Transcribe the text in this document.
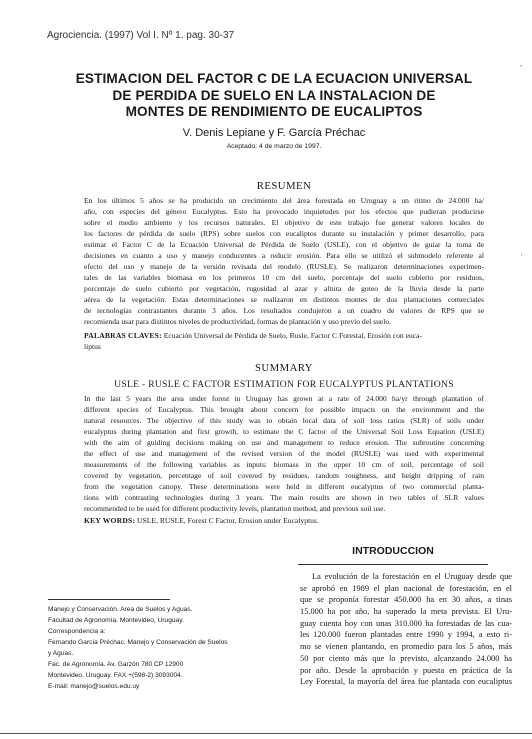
Agrociencia. (1997) Vol I. Nº 1. pag. 30-37
ESTIMACION DEL FACTOR C DE LA ECUACION UNIVERSAL
DE PERDIDA DE SUELO EN LA INSTALACION DE
MONTES DE RENDIMIENTO DE EUCALIPTOS
V. Denis Lepiane y F. García Préchac
Aceptado: 4 de marzo de 1997.
RESUMEN
En los últimos 5 años se ha producido un crecimiento del área forestada en Uruguay a un ritmo de 24.000 ha/
año, con especies del género Eucalyptus. Esto ha provocado inquietudes por los efectos que pudieran producirse
sobre el medio ambiente y los recursos naturales. El objetivo de este trabajo fue generar valores locales de
los factores de pérdida de suelo (RPS) sobre suelos con eucaliptos durante su instalación y primer desarrollo, para
estimar el Factor C de la Ecuación Universal de Pérdida de Suelo (USLE), con el objetivo de guiar la toma de
decisiones en cuanto a uso y manejo conducentes a reducir erosión. Para ello se utilizó el submodelo referente al
efecto del uso y manejo de la versión revisada del modelo (RUSLE). Se realizaron determinaciones experimen-
tales de las variables biomasa en los primeros 10 cm del suelo, porcentaje del suelo cubierto por residuos,
porcentaje de suelo cubierto por vegetación, rugosidad al azar y altura de goteo de la lluvia desde la parte
aérea de la vegetación. Estas determinaciones se realizaron en distintos montes de dos plantaciones comerciales
de tecnologías contrastantes durante 3 años. Los resultados condujeron a un cuadro de valores de RPS que se
recomienda usar para distintos niveles de productividad, formas de plantación y uso previo del suelo.
PALABRAS CLAVES: Ecuación Universal de Pérdida de Suelo, Rusle, Factor C Forestal, Erosión con euca-
liptus
SUMMARY
USLE - RUSLE C FACTOR ESTIMATION FOR EUCALYPTUS PLANTATIONS
In the last 5 years the area under forest in Uruguay has grown at a rate of 24.000 ha/yr through plantation of
different species of Eucalyptus. This brought about concern for possible impacts on the environment and the
natural resources. The objective of this study was to obtain local data of soil loss ratios (SLR) of soils under
eucalyptus during plantation and first growth, to estimate the C factor of the Universal Soil Loss Equation (USLE)
with the aim of guiding decisions making on use and management to reduce erosion. The subroutine concerning
the effect of use and management of the revised version of the model (RUSLE) was used with experimental
measurements of the following variables as inputs: biomass in the upper 10 cm of soil, percentage of soil
covered by vegetation, percentage of soil covered by residues, random roughness, and height dripping of rain
from the vegetation canopy. These determinations were held in different eucalyptus of two commercial planta-
tions with contrasting technologies during 3 years. The main results are shown in two tables of SLR values
recommended to be used for different productivity levels, plantation method, and previous soil use.
KEY WORDS: USLE, RUSLE, Forest C Factor, Erosion under Eucalyptus.
INTRODUCCION
La evolución de la forestación en el Uruguay desde que
se aprobó en 1989 el plan nacional de forestación, en el
que se proponía forestar 450.000 ha en 30 años, a tinas
15.000 ha por año, ha superado la meta prevista. El Uru-
guay cuenta hoy con unas 310.000 ha forestadas de las cua-
les 120.000 fueron plantadas entre 1990 y 1994, a esto ri-
mo se vienen plantando, en promedio para los 5 años, más
50 por ciento más que lo previsto, alcanzando 24.000 ha
por año. Desde la aprobación y puesta en práctica de la
Ley Forestal, la mayoría del área fue plantada con eucaliptus
Manejo y Conservación. Area de Suelos y Aguas.
Facultad de Agronomía. Montevideo, Uruguay.
Correspondencia a:
Fernando García Préchac. Manejo y Conservación de Suelos
y Aguas.
Fac. de Agronomía. Av. Garzón 780 CP 12900
Montevideo, Uruguay. FAX +(598-2) 3093004.
E-mail: manejo@suelos.edu.uy
,
·
